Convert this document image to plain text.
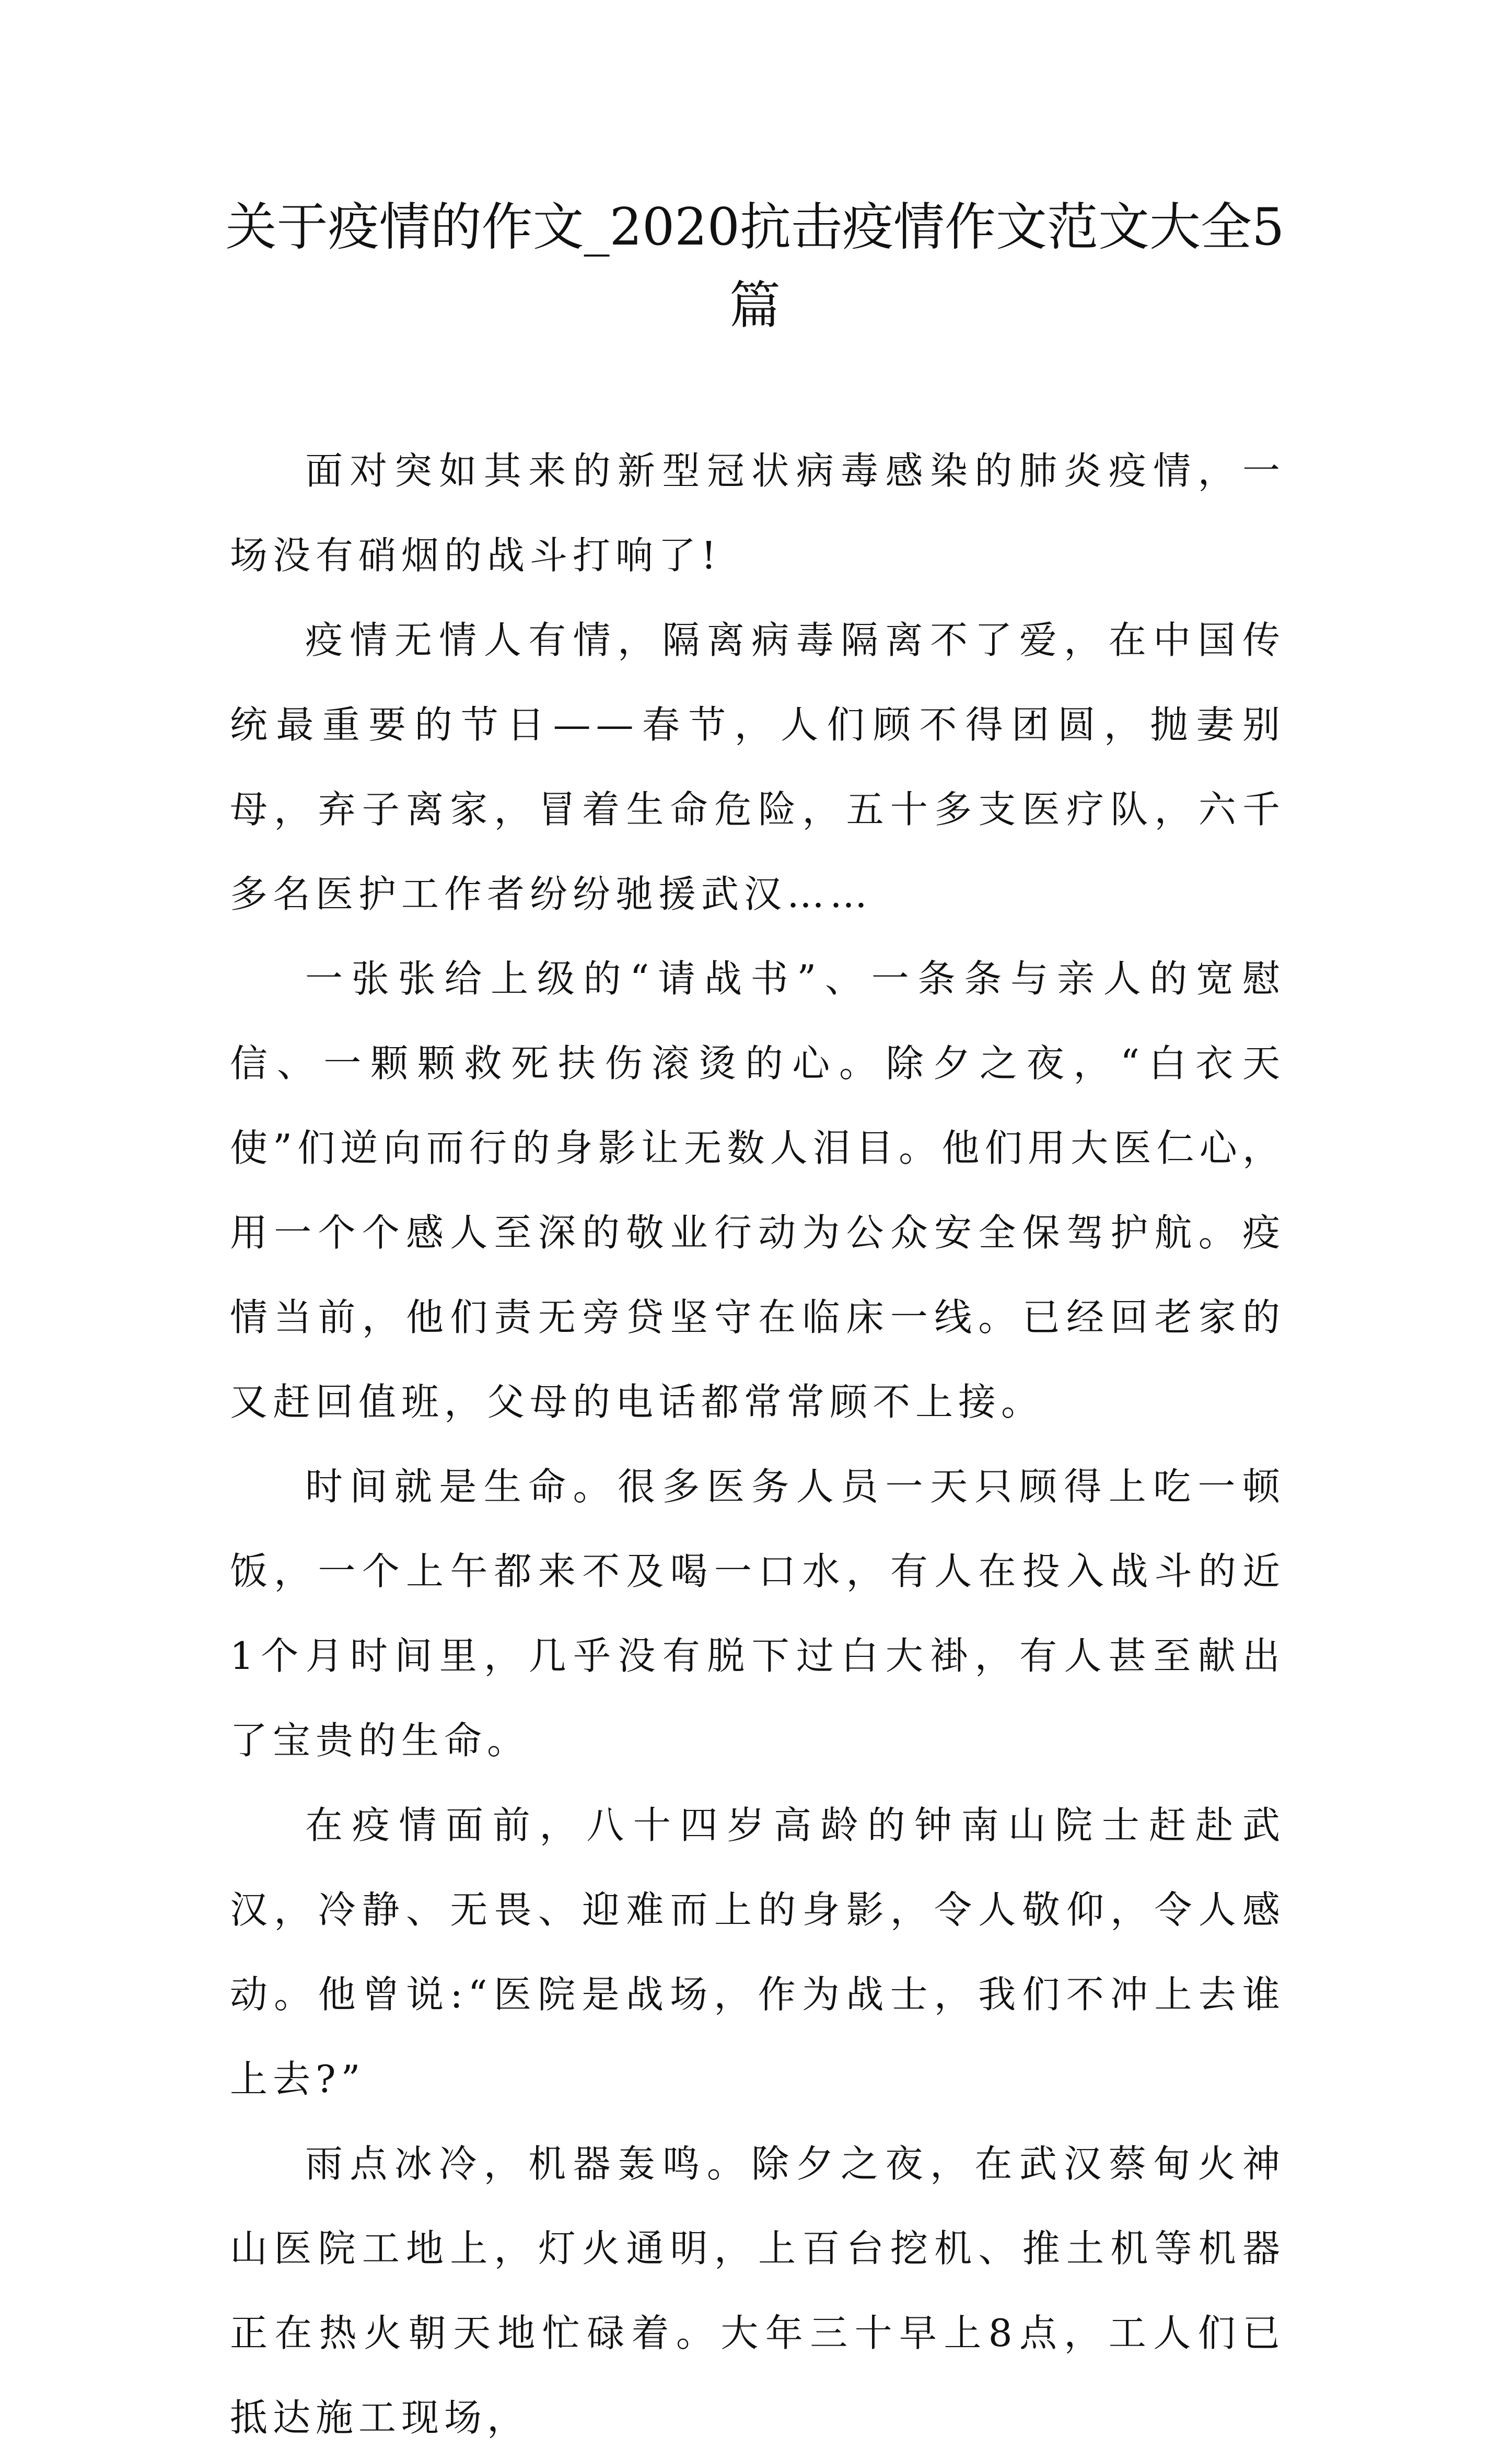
关于疫情的作文_2020抗击疫情作文范文大全5篇

面对突如其来的新型冠状病毒感染的肺炎疫情，一场没有硝烟的战斗打响了!

疫情无情人有情，隔离病毒隔离不了爱，在中国传统最重要的节日——春节，人们顾不得团圆，抛妻别母，弃子离家，冒着生命危险，五十多支医疗队，六千多名医护工作者纷纷驰援武汉……

一张张给上级的“请战书”、一条条与亲人的宽慰信、一颗颗救死扶伤滚烫的心。除夕之夜，“白衣天使”们逆向而行的身影让无数人泪目。他们用大医仁心，用一个个感人至深的敬业行动为公众安全保驾护航。疫情当前，他们责无旁贷坚守在临床一线。已经回老家的又赶回值班，父母的电话都常常顾不上接。

时间就是生命。很多医务人员一天只顾得上吃一顿饭，一个上午都来不及喝一口水，有人在投入战斗的近1个月时间里，几乎没有脱下过白大褂，有人甚至献出了宝贵的生命。

在疫情面前，八十四岁高龄的钟南山院士赶赴武汉，冷静、无畏、迎难而上的身影，令人敬仰，令人感动。他曾说:“医院是战场，作为战士，我们不冲上去谁上去?”

雨点冰冷，机器轰鸣。除夕之夜，在武汉蔡甸火神山医院工地上，灯火通明，上百台挖机、推土机等机器正在热火朝天地忙碌着。大年三十早上8点，工人们已抵达施工现场，
